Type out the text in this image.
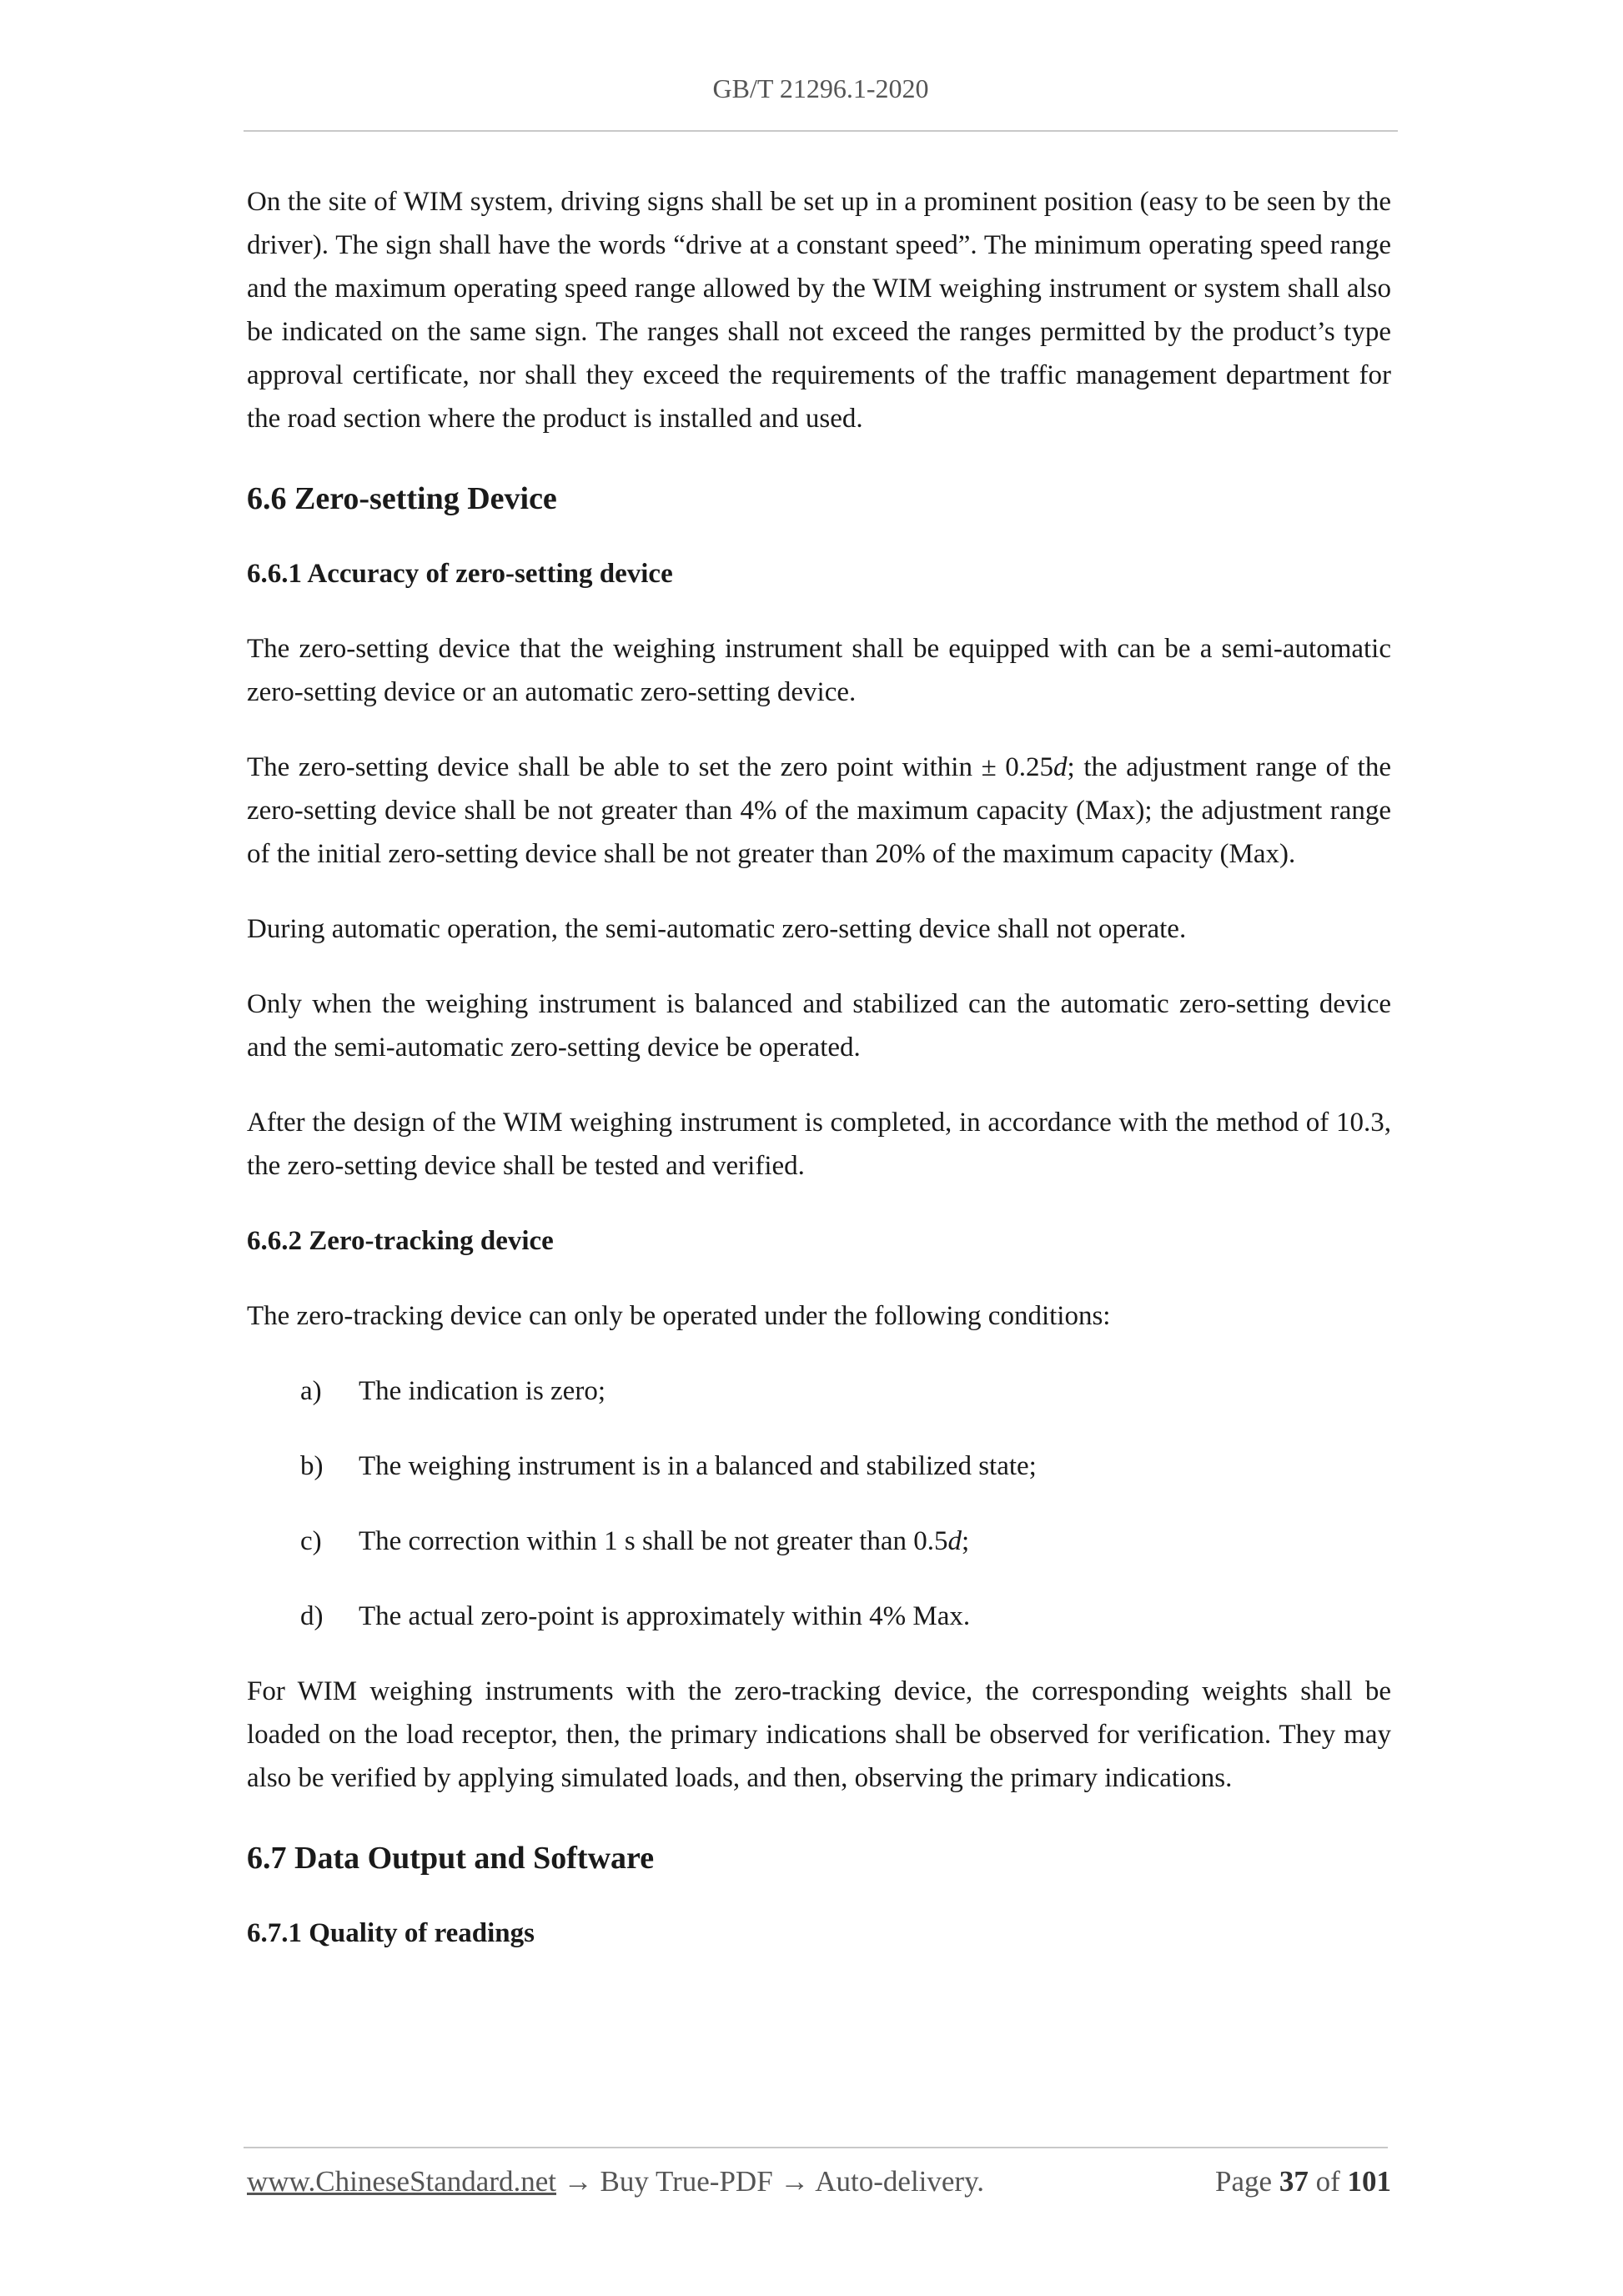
GB/T 21296.1-2020

On the site of WIM system, driving signs shall be set up in a prominent position (easy to be seen by the driver). The sign shall have the words “drive at a constant speed”. The minimum operating speed range and the maximum operating speed range allowed by the WIM weighing instrument or system shall also be indicated on the same sign. The ranges shall not exceed the ranges permitted by the product’s type approval certificate, nor shall they exceed the requirements of the traffic management department for the road section where the product is installed and used.

6.6 Zero-setting Device
6.6.1 Accuracy of zero-setting device

The zero-setting device that the weighing instrument shall be equipped with can be a semi-automatic zero-setting device or an automatic zero-setting device.

The zero-setting device shall be able to set the zero point within ± 0.25d; the adjustment range of the zero-setting device shall be not greater than 4% of the maximum capacity (Max); the adjustment range of the initial zero-setting device shall be not greater than 20% of the maximum capacity (Max).

During automatic operation, the semi-automatic zero-setting device shall not operate.

Only when the weighing instrument is balanced and stabilized can the automatic zero-setting device and the semi-automatic zero-setting device be operated.

After the design of the WIM weighing instrument is completed, in accordance with the method of 10.3, the zero-setting device shall be tested and verified.

6.6.2 Zero-tracking device

The zero-tracking device can only be operated under the following conditions:

a)	The indication is zero;
b)	The weighing instrument is in a balanced and stabilized state;
c)	The correction within 1 s shall be not greater than 0.5d;
d)	The actual zero-point is approximately within 4% Max.

For WIM weighing instruments with the zero-tracking device, the corresponding weights shall be loaded on the load receptor, then, the primary indications shall be observed for verification. They may also be verified by applying simulated loads, and then, observing the primary indications.

6.7 Data Output and Software
6.7.1 Quality of readings
www.ChineseStandard.net → Buy True-PDF → Auto-delivery.	Page 37 of 101
